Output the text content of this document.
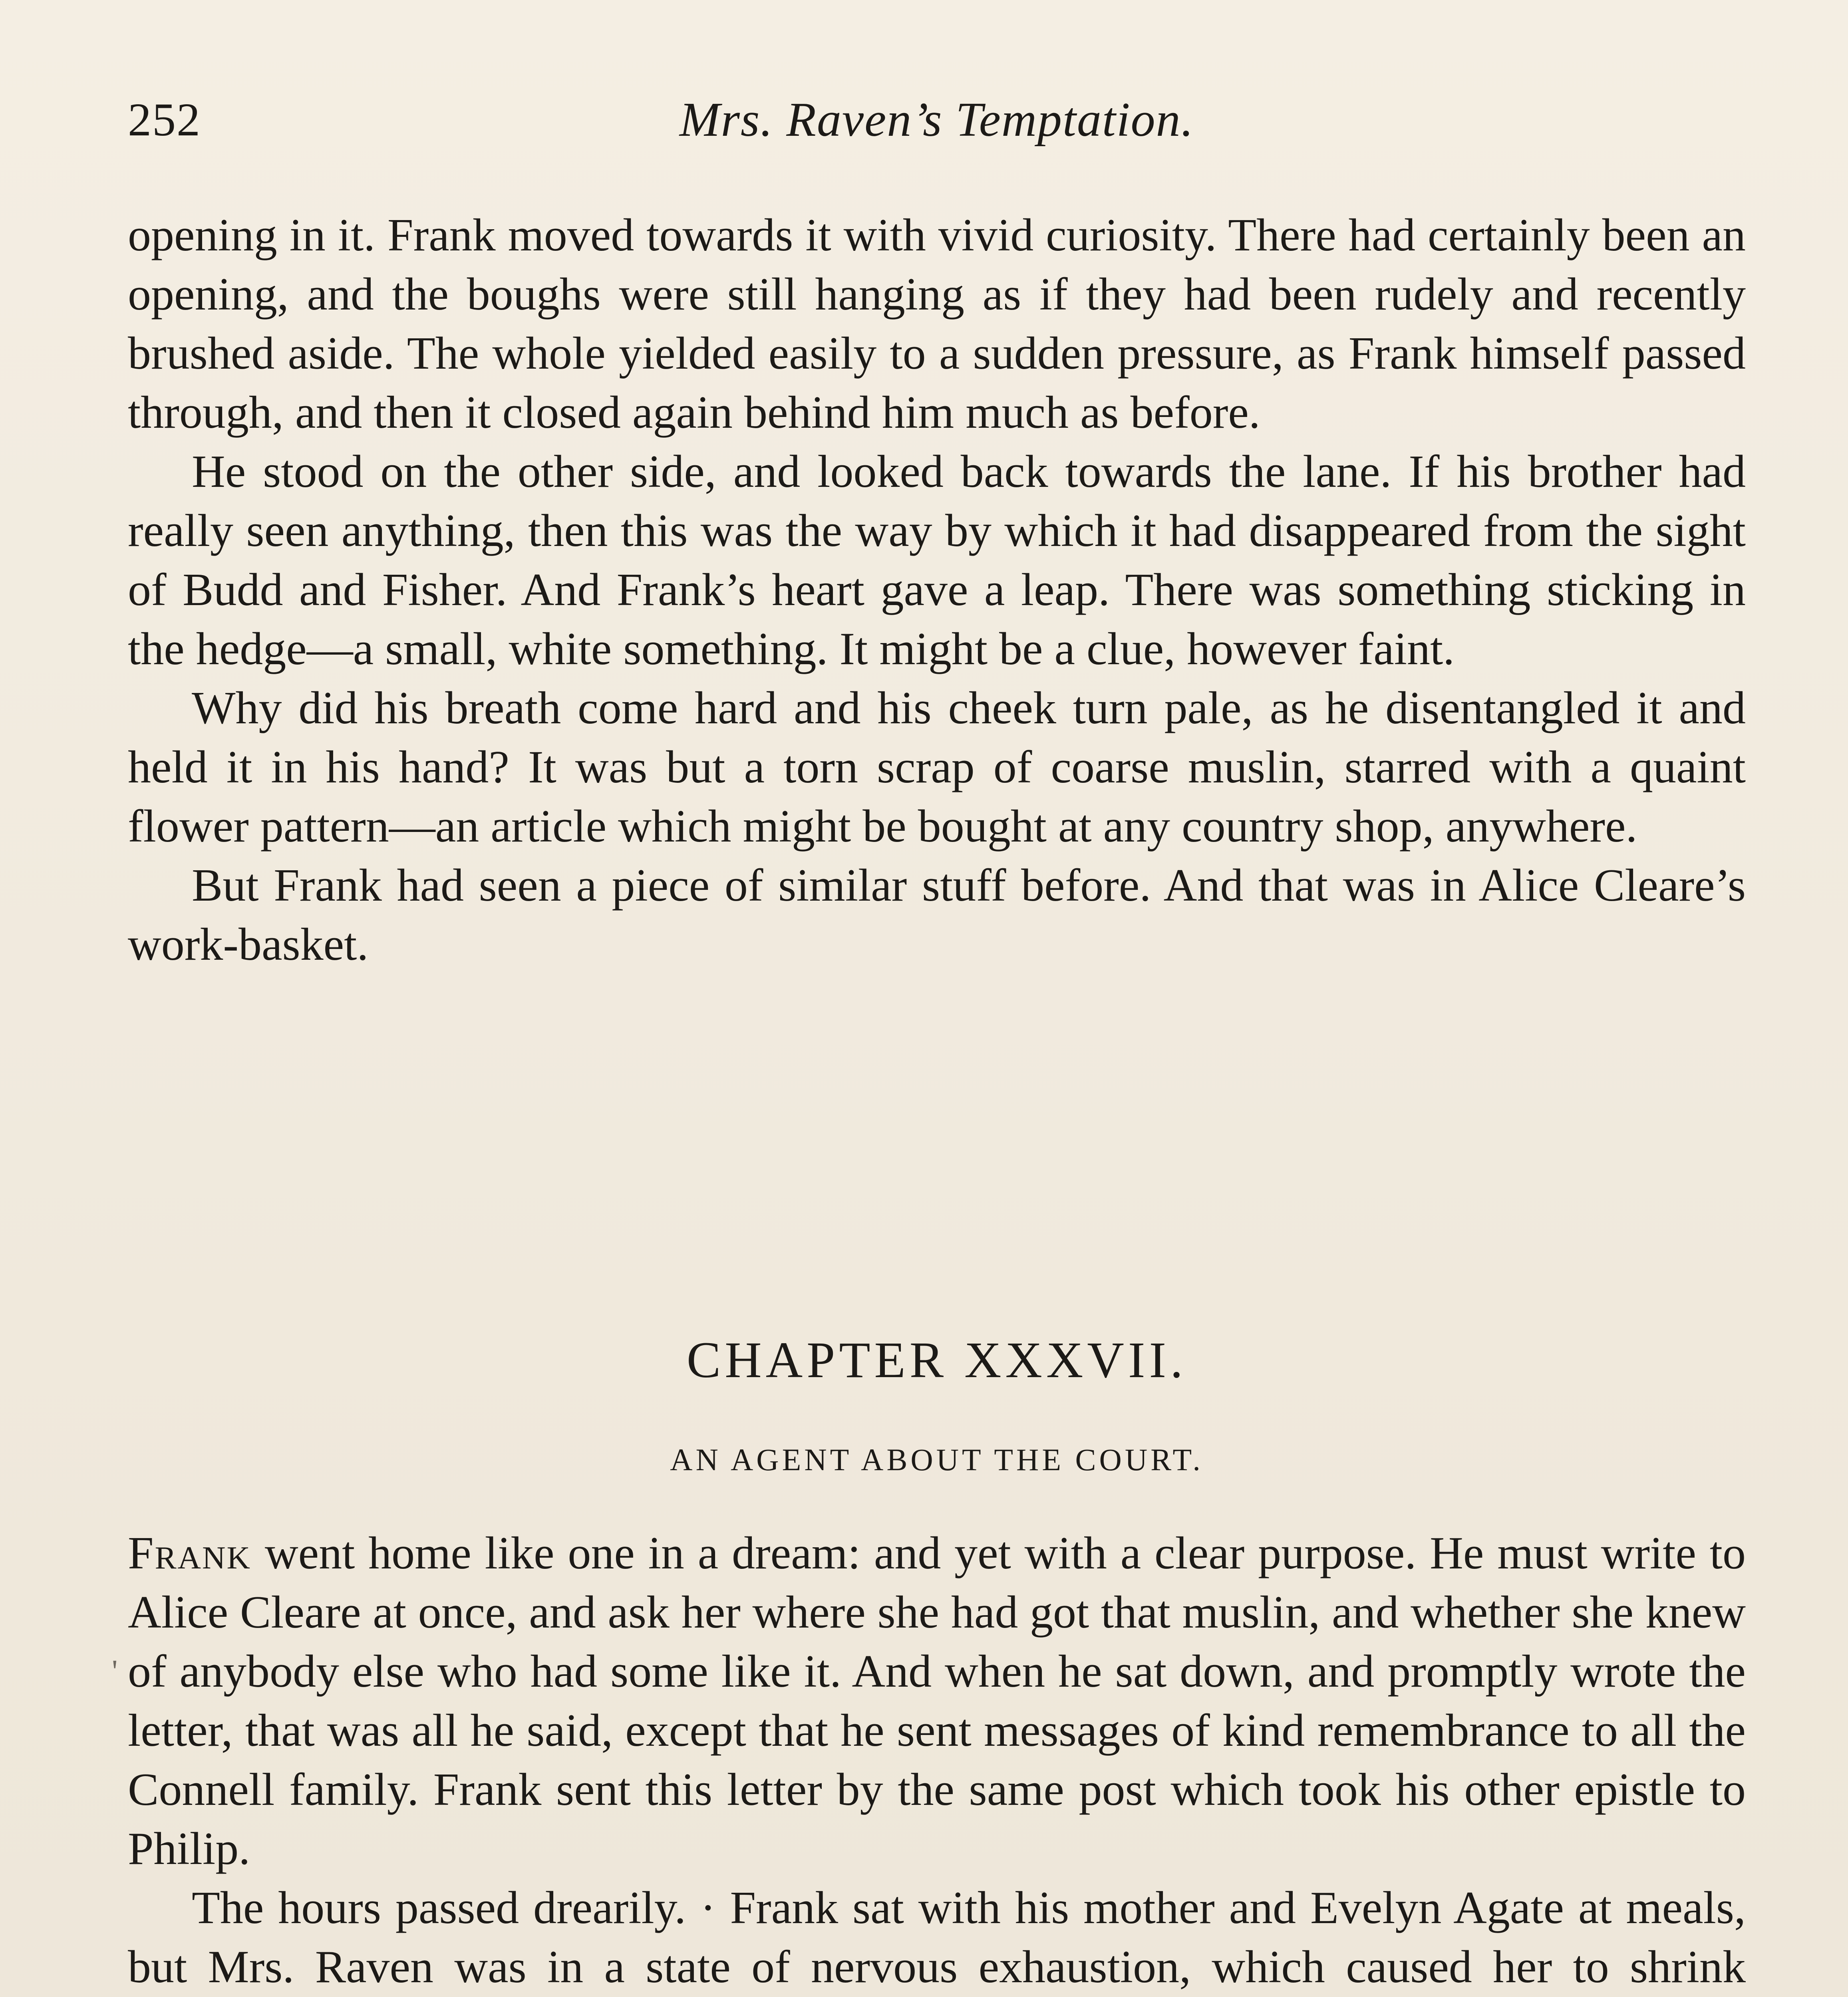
252	Mrs. Raven’s Temptation.

opening in it. Frank moved towards it with vivid curiosity. There had certainly been an opening, and the boughs were still hanging as if they had been rudely and recently brushed aside. The whole yielded easily to a sudden pressure, as Frank himself passed through, and then it closed again behind him much as before.

He stood on the other side, and looked back towards the lane. If his brother had really seen anything, then this was the way by which it had disappeared from the sight of Budd and Fisher. And Frank’s heart gave a leap. There was something sticking in the hedge—a small, white something. It might be a clue, however faint.

Why did his breath come hard and his cheek turn pale, as he disentangled it and held it in his hand? It was but a torn scrap of coarse muslin, starred with a quaint flower pattern—an article which might be bought at any country shop, anywhere.

But Frank had seen a piece of similar stuff before. And that was in Alice Cleare’s work-basket.

CHAPTER XXXVII.
AN AGENT ABOUT THE COURT.
'

Frank went home like one in a dream: and yet with a clear purpose. He must write to Alice Cleare at once, and ask her where she had got that muslin, and whether she knew of anybody else who had some like it. And when he sat down, and promptly wrote the letter, that was all he said, except that he sent messages of kind remembrance to all the Connell family. Frank sent this letter by the same post which took his other epistle to Philip.

The hours passed drearily. · Frank sat with his mother and Evelyn Agate at meals, but Mrs. Raven was in a state of nervous exhaustion, which caused her to shrink
